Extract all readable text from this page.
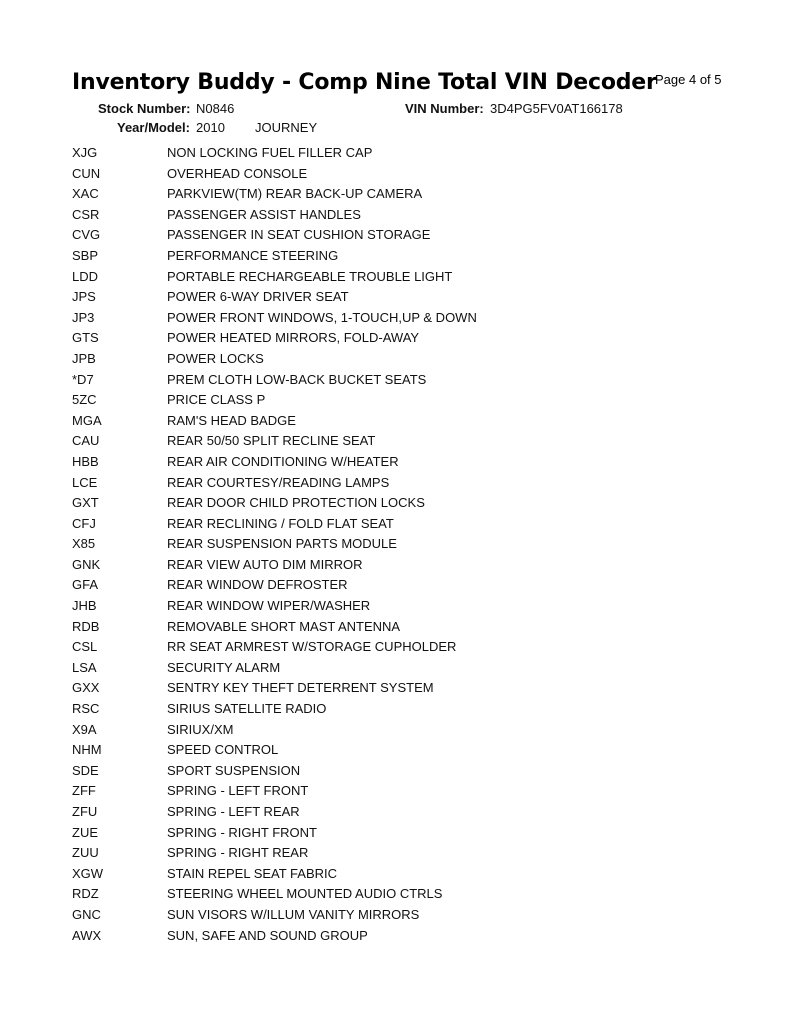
Inventory Buddy - Comp Nine Total VIN Decoder
Page 4 of 5
Stock Number: N0846	VIN Number: 3D4PG5FV0AT166178
Year/Model: 2010 JOURNEY
XJG	NON LOCKING FUEL FILLER CAP
CUN	OVERHEAD CONSOLE
XAC	PARKVIEW(TM) REAR BACK-UP CAMERA
CSR	PASSENGER ASSIST HANDLES
CVG	PASSENGER IN SEAT CUSHION STORAGE
SBP	PERFORMANCE STEERING
LDD	PORTABLE RECHARGEABLE TROUBLE LIGHT
JPS	POWER 6-WAY DRIVER SEAT
JP3	POWER FRONT WINDOWS, 1-TOUCH,UP & DOWN
GTS	POWER HEATED MIRRORS, FOLD-AWAY
JPB	POWER LOCKS
*D7	PREM CLOTH LOW-BACK BUCKET SEATS
5ZC	PRICE CLASS P
MGA	RAM'S HEAD BADGE
CAU	REAR 50/50 SPLIT RECLINE SEAT
HBB	REAR AIR CONDITIONING W/HEATER
LCE	REAR COURTESY/READING LAMPS
GXT	REAR DOOR CHILD PROTECTION LOCKS
CFJ	REAR RECLINING / FOLD FLAT SEAT
X85	REAR SUSPENSION PARTS MODULE
GNK	REAR VIEW AUTO DIM MIRROR
GFA	REAR WINDOW DEFROSTER
JHB	REAR WINDOW WIPER/WASHER
RDB	REMOVABLE SHORT MAST ANTENNA
CSL	RR SEAT ARMREST W/STORAGE CUPHOLDER
LSA	SECURITY ALARM
GXX	SENTRY KEY THEFT DETERRENT SYSTEM
RSC	SIRIUS SATELLITE RADIO
X9A	SIRIUX/XM
NHM	SPEED CONTROL
SDE	SPORT SUSPENSION
ZFF	SPRING - LEFT FRONT
ZFU	SPRING - LEFT REAR
ZUE	SPRING - RIGHT FRONT
ZUU	SPRING - RIGHT REAR
XGW	STAIN REPEL SEAT FABRIC
RDZ	STEERING WHEEL MOUNTED AUDIO CTRLS
GNC	SUN VISORS W/ILLUM VANITY MIRRORS
AWX	SUN, SAFE AND SOUND GROUP
